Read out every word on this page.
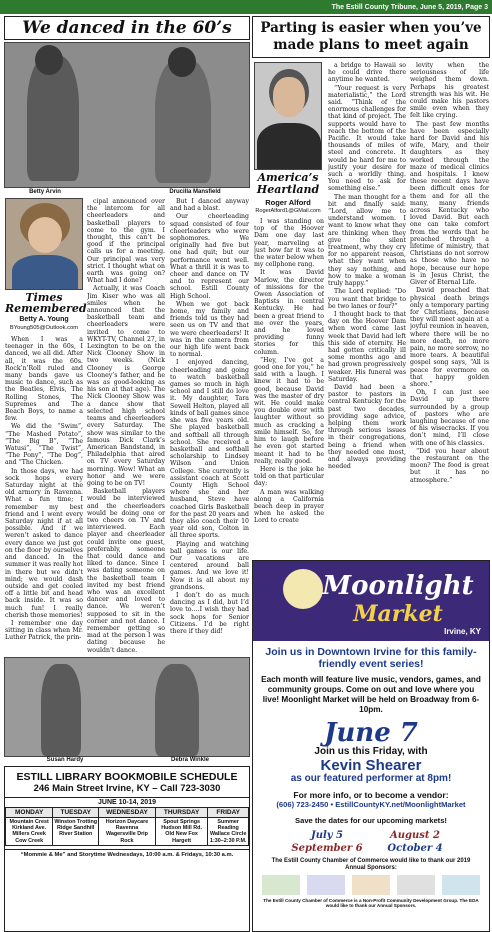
The Estill County Tribune, June 5, 2019, Page 3
We danced in the 60’s
Betty Arvin	Drucilla Mansfield
Times Remembered
Betty A. Young
BYoung505@Outlook.com

When I was a teenager in the 60s, I danced, we all did. After all, it was the 60s. Rock’n’Roll ruled and many bands gave us music to dance, such as the Beatles, Elvis, The Rolling Stones, The Supremes and The Beach Boys, to name a few.

We did the “Swim”, “The Mashed Potato”, “The Big B”, “The Watusi”, “The Twist”, “The Pony”, “The Dog”, and “The Chicken.

In those days, we had sock hops every Saturday night at the old armory in Ravenna. What a fun time; I remember my best friend and I went every Saturday night if at all possible. And if we weren’t asked to dance every dance we just got on the floor by ourselves and danced. In the summer it was really hot in there but we didn’t mind; we would dash outside and get cooled off a little bit and head back inside. It was so much fun! I really cherish those memories!

I remember one day sitting in class when Mr. Luther Patrick, the prin-

cipal announced over the intercom for all cheerleaders and basketball players to come to the gym. I thought, this can’t be good if the principal calls us for a meeting. Our principal was very strict. I thought what on earth was going on? What had I done?

Actually, it was Coach Jim Kiser who was all smiles when he announced that the basketball team and cheerleaders were invited to come to WKYT-TV, Channel 27, in Lexington to be on the Nick Clooney Show in two weeks. (Nick Clooney is George Clooney’s father, and he was as good-looking as his son at that age). The Nick Clooney Show was a dance show that selected high school teams and cheerleaders every Saturday. The show was similar to the famous Dick Clark’s American Bandstand, in Philadelphia that aired on TV every Saturday morning. Wow! What an honor and we were going to be on TV!

Basketball players would be interviewed and the cheerleaders would be doing one or two cheers on TV and interviewed. Each player and cheerleader could invite one guest, preferably, someone that could dance and liked to dance. Since I was dating someone on the basketball team I invited my best friend who was an excellent dancer and loved to dance. We weren’t supposed to sit in the corner and not dance. I remember getting so mad at the person I was dating because he wouldn’t dance.

But I danced anyway and had a blast.

Our cheerleading squad consisted of four cheerleaders who were sophomores. We originally had five but one had quit; but our performance went well. What a thrill it is was to cheer and dance on TV and to represent our school. Estill County High School.

When we got back home, my family and friends told us they had seen us on TV and that we were cheerleaders! It was in the camera from our high life went back to normal.

I enjoyed dancing, cheerleading and going to watch basketball games so much in high school and I still do love it. My daughter, Tara Sewell Helton, played all kinds of ball games since she was five years old. She played basketball and softball all through school. She received a basketball and softball scholarship to Lindsey Wilson and Union College. She currently is assistant coach at Scott County High School where she and her husband, Steve have coached Girls Basketball for the past 20 years and they also coach their 10 year old son, Colton in all three sports.

Playing and watching ball games is our life. Our vacations are centered around ball games. And we love it! Now it is all about my grandsons.

I don’t do as much dancing as I did, but I’d love to….I wish they had sock hops for Senior Citizens. I’d be right there if they did!

Susan Hardy	Debra Winkle
ESTILL LIBRARY BOOKMOBILE SCHEDULE
246 Main Street Irvine, KY – Call 723-3030
JUNE 10-14, 2019
MONDAY	TUESDAY	WEDNESDAY	THURSDAY	FRIDAY
Mountain Crest Kirkland Ave. Millers Creek Cow Creek	Winston Trotting Ridge Sandhill River Station	Horizon Daycare Ravenna Wagersville Drip Rock	Spout Springs Hudson Mill Rd. Old New Fox Hargett	Summer Reading Wallace Circle 1:30–2:30 P.M.
“Mommie & Me” and Storytime Wednesdays, 10:00 a.m. & Fridays, 10:30 a.m.
Parting is easier when you’ve made plans to meet again
America’s Heartland
Roger Alford
RogerAlford1@GMail.com

I was standing on top of the Hoover Dam one day last year, marveling at just how far it was to the water below when my cellphone rang.

It was David Marlow, the director of missions for the Owen Association of Baptists in central Kentucky. He had been a great friend to me over the years, and he loved providing funny stories for this column.

“Hey, I’ve got a good one for you,” he said with a laugh. I knew it had to be good, because David was the master of dry wit. He could make you double over with laughter without so much as cracking a smile himself. So, for him to laugh before he even got started meant it had to be really, really good.

Here is the joke he told on that particular day:

A man was walking along a California beach deep in prayer when he asked the Lord to create

a bridge to Hawaii so he could drive there anytime he wanted.

“Your request is very materialistic,” the Lord said. “Think of the enormous challenges for that kind of project. The supports would have to reach the bottom of the Pacific. It would take thousands of miles of steel and concrete. It would be hard for me to justify your desire for such a worldly thing. You need to ask for something else.”

The man thought for a bit and finally said: “Lord, allow me to understand women. I want to know what they are thinking when they give the silent treatment, why they cry for no apparent reason, what they want when they say nothing, and how to make a woman truly happy.”

The Lord replied: “Do you want that bridge to be two lanes or four?”

I thought back to that day on the Hoover Dam when word came last week that David had left this side of eternity. He had gotten critically ill some months ago and had grown progressively weaker. His funeral was Saturday.

David had been a pastor to pastors in central Kentucky for the past two decades, providing sage advice, helping them work through serious issues in their congregations, being a friend when they needed one most, and always providing needed

levity when the seriousness of life weighed them down. Perhaps his greatest strength was his wit. He could make his pastors smile even when they felt like crying.

The past few months have been especially hard for David and his wife, Mary, and their daughters as they worked through the maze of medical clinics and hospitals. I knew these recent days have been difficult ones for them and for all the many, many friends across Kentucky who loved David. But each one can take comfort from the words that he preached through a lifetime of ministry, that Christians do not sorrow as those who have no hope, because our hope is in Jesus Christ, the Giver of Eternal Life.

David preached that physical death brings only a temporary parting for Christians, because they will meet again at a joyful reunion in heaven, where there will be no more death, no more pain, no more sorrow, no more tears. A beautiful gospel song says, “All is peace for evermore on that happy golden shore.”

Oh, I can just see David up there surrounded by a group of pastors who are laughing because of one of his wisecracks. If you don’t mind, I’ll close with one of his classics.

“Did you hear about the restaurant on the moon? The food is great but it has no atmosphere.”

Moonlight
Market
Irvine, KY
Join us in Downtown Irvine for this family-friendly event series!
Each month will feature live music, vendors, games, and community groups. Come on out and love where you live! Moonlight Market will be held on Broadway from 6-10pm.
June 7
Join us this Friday, with
Kevin Shearer
as our featured performer at 8pm!
For more info, or to become a vendor:
(606) 723-2450 • EstillCountyKY.net/MoonlightMarket
Save the dates for our upcoming markets!
July 5	August 2
September 6	October 4
The Estill County Chamber of Commerce would like to thank our 2019 Annual Sponsors:
The Estill County Chamber of Commerce is a Non-Profit Community Development Group. The EDA would like to thank our Annual Sponsors.
